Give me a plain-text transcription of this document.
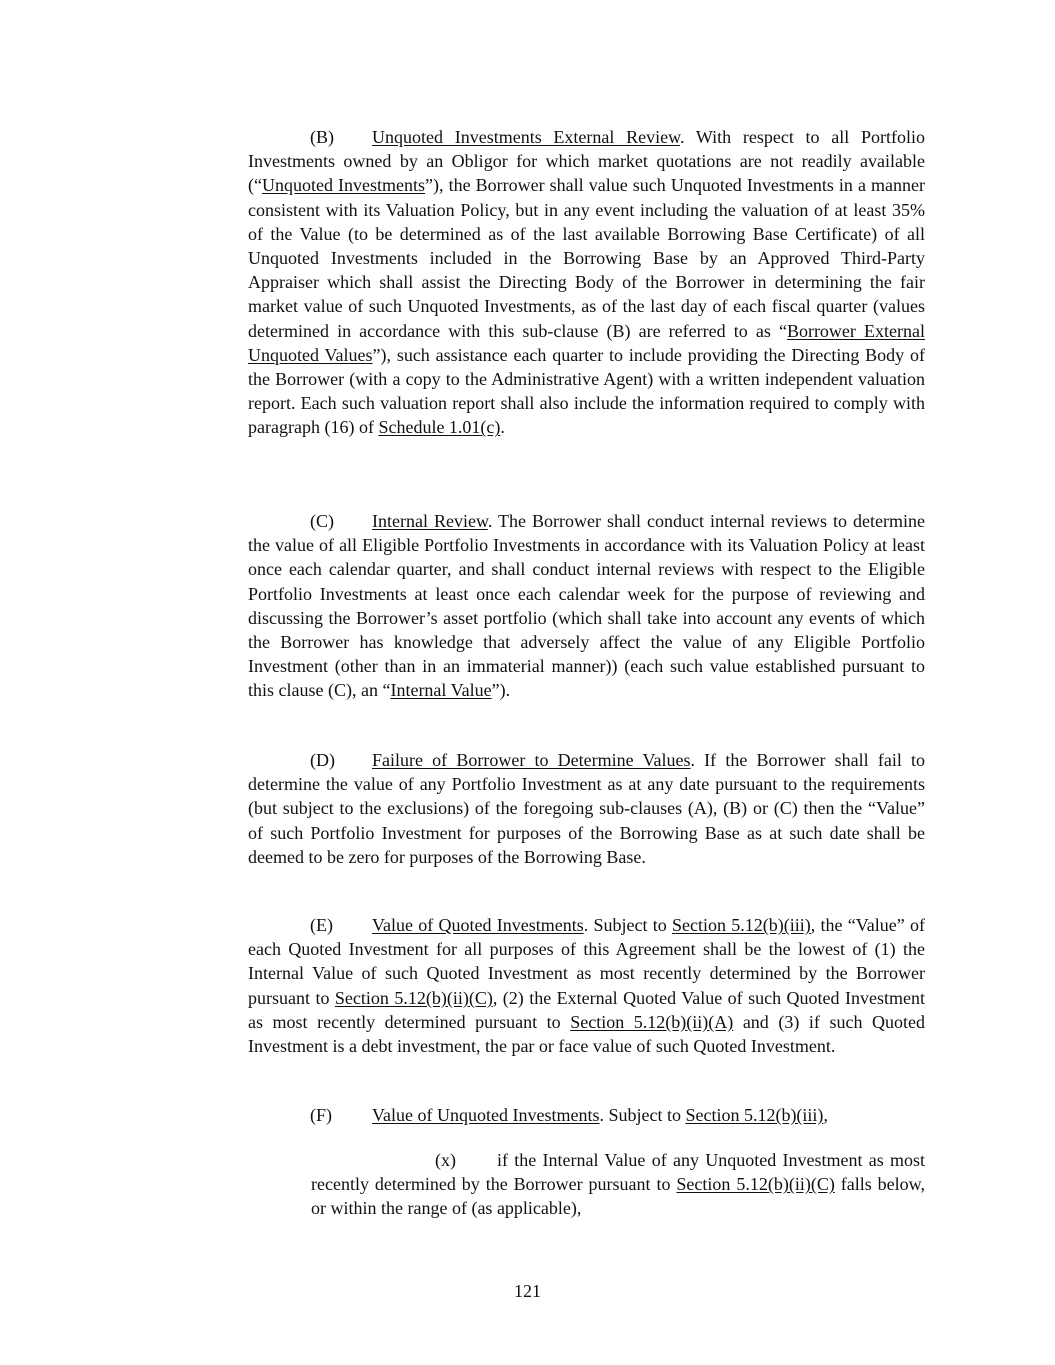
(B) Unquoted Investments External Review. With respect to all Portfolio Investments owned by an Obligor for which market quotations are not readily available (“Unquoted Investments”), the Borrower shall value such Unquoted Investments in a manner consistent with its Valuation Policy, but in any event including the valuation of at least 35% of the Value (to be determined as of the last available Borrowing Base Certificate) of all Unquoted Investments included in the Borrowing Base by an Approved Third-Party Appraiser which shall assist the Directing Body of the Borrower in determining the fair market value of such Unquoted Investments, as of the last day of each fiscal quarter (values determined in accordance with this sub-clause (B) are referred to as “Borrower External Unquoted Values”), such assistance each quarter to include providing the Directing Body of the Borrower (with a copy to the Administrative Agent) with a written independent valuation report. Each such valuation report shall also include the information required to comply with paragraph (16) of Schedule 1.01(c).

(C) Internal Review. The Borrower shall conduct internal reviews to determine the value of all Eligible Portfolio Investments in accordance with its Valuation Policy at least once each calendar quarter, and shall conduct internal reviews with respect to the Eligible Portfolio Investments at least once each calendar week for the purpose of reviewing and discussing the Borrower’s asset portfolio (which shall take into account any events of which the Borrower has knowledge that adversely affect the value of any Eligible Portfolio Investment (other than in an immaterial manner)) (each such value established pursuant to this clause (C), an “Internal Value”).

(D) Failure of Borrower to Determine Values. If the Borrower shall fail to determine the value of any Portfolio Investment as at any date pursuant to the requirements (but subject to the exclusions) of the foregoing sub-clauses (A), (B) or (C) then the “Value” of such Portfolio Investment for purposes of the Borrowing Base as at such date shall be deemed to be zero for purposes of the Borrowing Base.

(E) Value of Quoted Investments. Subject to Section 5.12(b)(iii), the “Value” of each Quoted Investment for all purposes of this Agreement shall be the lowest of (1) the Internal Value of such Quoted Investment as most recently determined by the Borrower pursuant to Section 5.12(b)(ii)(C), (2) the External Quoted Value of such Quoted Investment as most recently determined pursuant to Section 5.12(b)(ii)(A) and (3) if such Quoted Investment is a debt investment, the par or face value of such Quoted Investment.

(F) Value of Unquoted Investments. Subject to Section 5.12(b)(iii),

(x) if the Internal Value of any Unquoted Investment as most recently determined by the Borrower pursuant to Section 5.12(b)(ii)(C) falls below, or within the range of (as applicable),

121
